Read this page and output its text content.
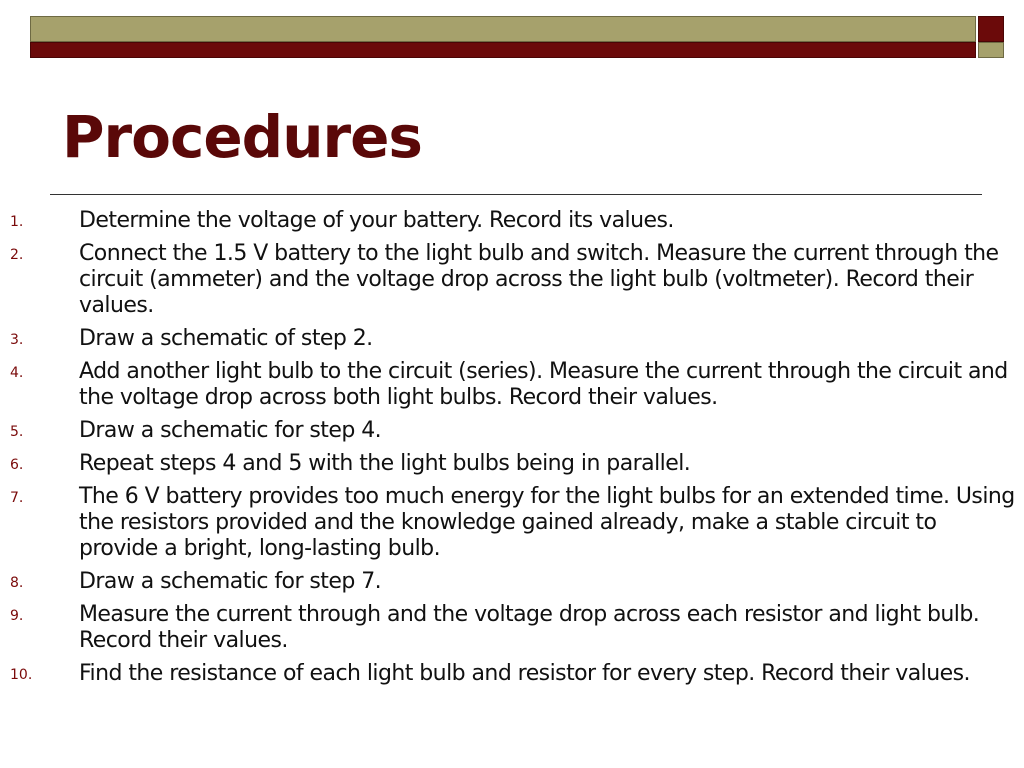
Procedures
1.	Determine the voltage of your battery. Record its values.
2.	Connect the 1.5 V battery to the light bulb and switch. Measure the current through the circuit (ammeter) and the voltage drop across the light bulb (voltmeter). Record their values.
3.	Draw a schematic of step 2.
4.	Add another light bulb to the circuit (series). Measure the current through the circuit and the voltage drop across both light bulbs. Record their values.
5.	Draw a schematic for step 4.
6.	Repeat steps 4 and 5 with the light bulbs being in parallel.
7.	The 6 V battery provides too much energy for the light bulbs for an extended time. Using the resistors provided and the knowledge gained already, make a stable circuit to provide a bright, long-lasting bulb.
8.	Draw a schematic for step 7.
9.	Measure the current through and the voltage drop across each resistor and light bulb. Record their values.
10. Find the resistance of each light bulb and resistor for every step. Record their values.
